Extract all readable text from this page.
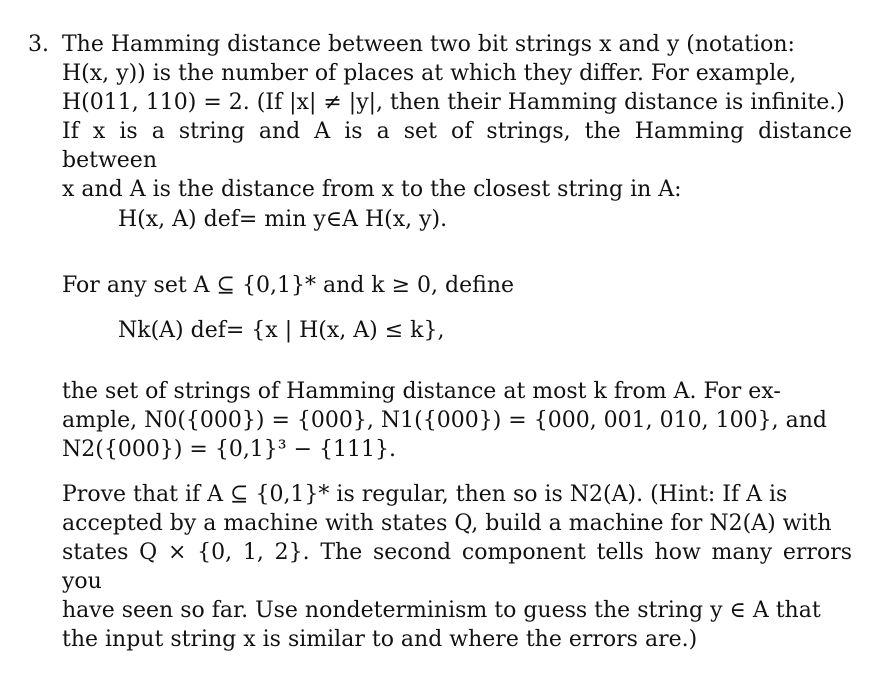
3. The Hamming distance between two bit strings x and y (notation:
H(x, y)) is the number of places at which they differ. For example,
H(011, 110) = 2. (If |x| ≠ |y|, then their Hamming distance is infinite.)
If x is a string and A is a set of strings, the Hamming distance between
x and A is the distance from x to the closest string in A:
H(x, A) def= min y∈A H(x, y).
For any set A ⊆ {0,1}* and k ≥ 0, define
Nk(A) def= {x | H(x, A) ≤ k},
the set of strings of Hamming distance at most k from A. For ex-
ample, N0({000}) = {000}, N1({000}) = {000, 001, 010, 100}, and
N2({000}) = {0,1}³ − {111}.
Prove that if A ⊆ {0,1}* is regular, then so is N2(A). (Hint: If A is
accepted by a machine with states Q, build a machine for N2(A) with
states Q × {0, 1, 2}. The second component tells how many errors you
have seen so far. Use nondeterminism to guess the string y ∈ A that
the input string x is similar to and where the errors are.)
